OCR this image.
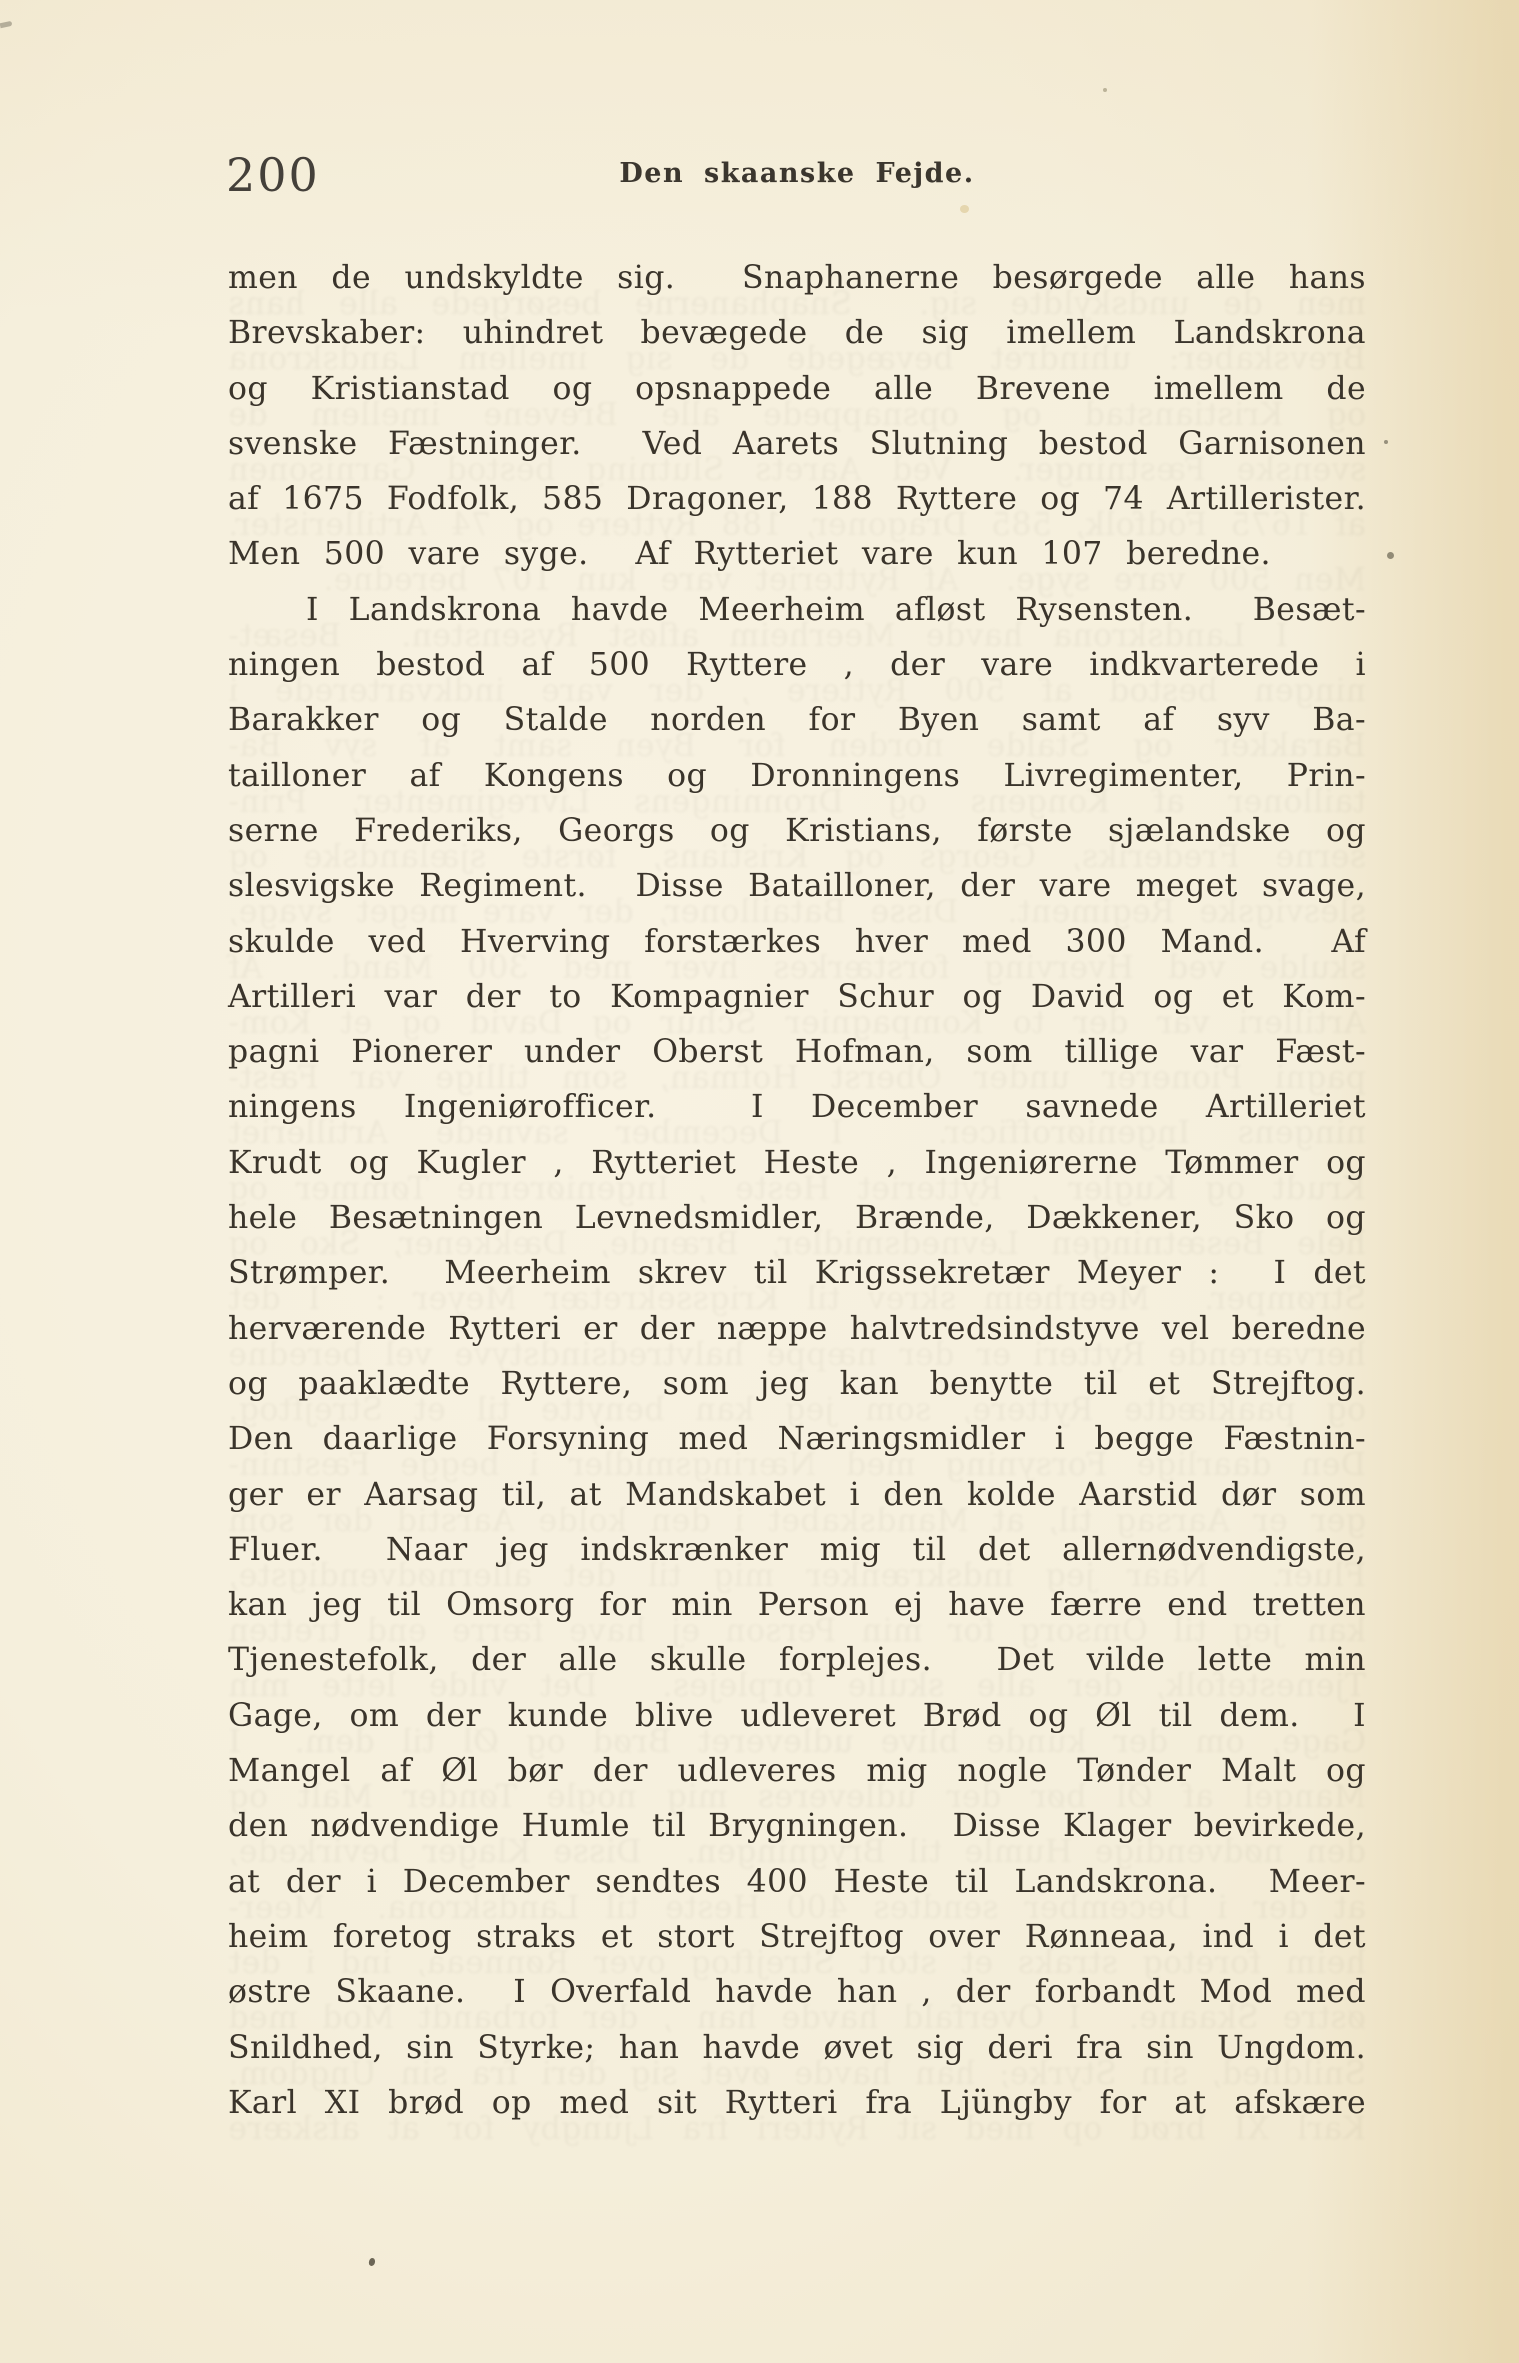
200	Den skaanske Fejde.
men de undskyldte sig.  Snaphanerne besørgede alle hans
Brevskaber: uhindret bevægede de sig imellem Landskrona
og Kristianstad og opsnappede alle Brevene imellem de
svenske Fæstninger.  Ved Aarets Slutning bestod Garnisonen
af 1675 Fodfolk, 585 Dragoner, 188 Ryttere og 74 Artillerister.
Men 500 vare syge.  Af Rytteriet vare kun 107 beredne.
I Landskrona havde Meerheim afløst Rysensten.  Besæt-
ningen bestod af 500 Ryttere , der vare indkvarterede i
Barakker og Stalde norden for Byen samt af syv Ba-
tailloner af Kongens og Dronningens Livregimenter, Prin-
serne Frederiks, Georgs og Kristians, første sjælandske og
slesvigske Regiment.  Disse Batailloner, der vare meget svage,
skulde ved Hverving forstærkes hver med 300 Mand.  Af
Artilleri var der to Kompagnier Schur og David og et Kom-
pagni Pionerer under Oberst Hofman, som tillige var Fæst-
ningens Ingeniørofficer.  I December savnede Artilleriet
Krudt og Kugler , Rytteriet Heste , Ingeniørerne Tømmer og
hele Besætningen Levnedsmidler, Brænde, Dækkener, Sko og
Strømper.  Meerheim skrev til Krigssekretær Meyer :  I det
herværende Rytteri er der næppe halvtredsindstyve vel beredne
og paaklædte Ryttere, som jeg kan benytte til et Strejftog.
Den daarlige Forsyning med Næringsmidler i begge Fæstnin-
ger er Aarsag til, at Mandskabet i den kolde Aarstid dør som
Fluer.  Naar jeg indskrænker mig til det allernødvendigste,
kan jeg til Omsorg for min Person ej have færre end tretten
Tjenestefolk, der alle skulle forplejes.  Det vilde lette min
Gage, om der kunde blive udleveret Brød og Øl til dem.  I
Mangel af Øl bør der udleveres mig nogle Tønder Malt og
den nødvendige Humle til Brygningen.  Disse Klager bevirkede,
at der i December sendtes 400 Heste til Landskrona.  Meer-
heim foretog straks et stort Strejftog over Rønneaa, ind i det
østre Skaane.  I Overfald havde han , der forbandt Mod med
Snildhed, sin Styrke; han havde øvet sig deri fra sin Ungdom.
Karl XI brød op med sit Rytteri fra Ljüngby for at afskære
men de undskyldte sig.  Snaphanerne besørgede alle hans
Brevskaber: uhindret bevægede de sig imellem Landskrona
og Kristianstad og opsnappede alle Brevene imellem de
svenske Fæstninger.  Ved Aarets Slutning bestod Garnisonen
af 1675 Fodfolk, 585 Dragoner, 188 Ryttere og 74 Artillerister.
Men 500 vare syge.  Af Rytteriet vare kun 107 beredne.
I Landskrona havde Meerheim afløst Rysensten.  Besæt-
ningen bestod af 500 Ryttere , der vare indkvarterede i
Barakker og Stalde norden for Byen samt af syv Ba-
tailloner af Kongens og Dronningens Livregimenter, Prin-
serne Frederiks, Georgs og Kristians, første sjælandske og
slesvigske Regiment.  Disse Batailloner, der vare meget svage,
skulde ved Hverving forstærkes hver med 300 Mand.  Af
Artilleri var der to Kompagnier Schur og David og et Kom-
pagni Pionerer under Oberst Hofman, som tillige var Fæst-
ningens Ingeniørofficer.  I December savnede Artilleriet
Krudt og Kugler , Rytteriet Heste , Ingeniørerne Tømmer og
hele Besætningen Levnedsmidler, Brænde, Dækkener, Sko og
Strømper.  Meerheim skrev til Krigssekretær Meyer :  I det
herværende Rytteri er der næppe halvtredsindstyve vel beredne
og paaklædte Ryttere, som jeg kan benytte til et Strejftog.
Den daarlige Forsyning med Næringsmidler i begge Fæstnin-
ger er Aarsag til, at Mandskabet i den kolde Aarstid dør som
Fluer.  Naar jeg indskrænker mig til det allernødvendigste,
kan jeg til Omsorg for min Person ej have færre end tretten
Tjenestefolk, der alle skulle forplejes.  Det vilde lette min
Gage, om der kunde blive udleveret Brød og Øl til dem.  I
Mangel af Øl bør der udleveres mig nogle Tønder Malt og
den nødvendige Humle til Brygningen.  Disse Klager bevirkede,
at der i December sendtes 400 Heste til Landskrona.  Meer-
heim foretog straks et stort Strejftog over Rønneaa, ind i det
østre Skaane.  I Overfald havde han , der forbandt Mod med
Snildhed, sin Styrke; han havde øvet sig deri fra sin Ungdom.
Karl XI brød op med sit Rytteri fra Ljüngby for at afskære
